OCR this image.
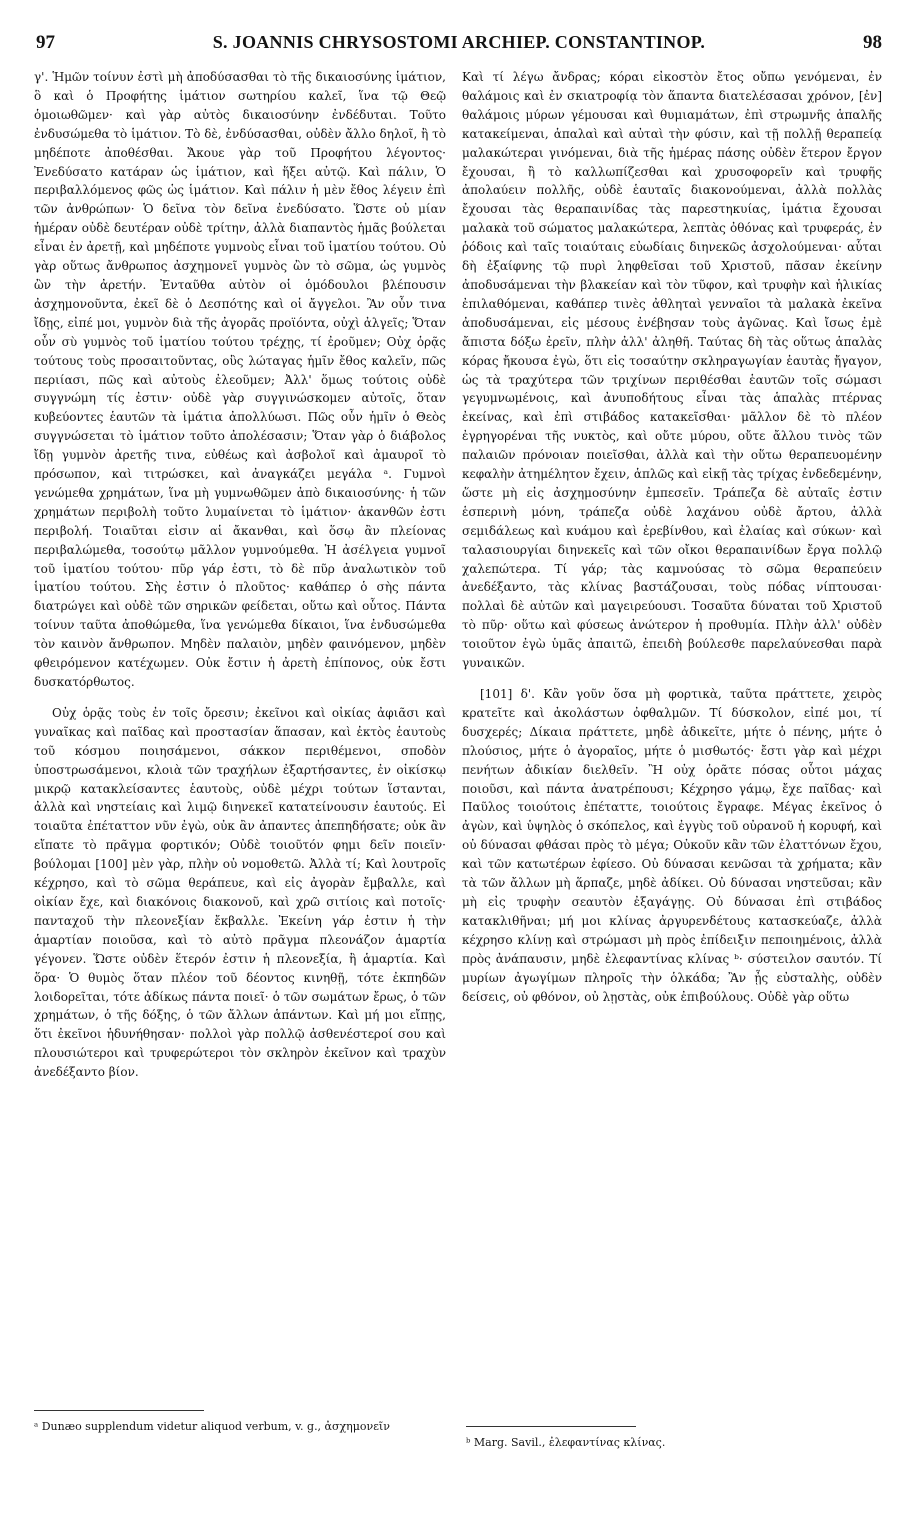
97	S. JOANNIS CHRYSOSTOMI ARCHIEP. CONSTANTINOP.	98

γ'. Ἡμῶν τοίνυν ἐστὶ μὴ ἀποδύσασθαι τὸ τῆς δικαιοσύνης ἱμάτιον, ὃ καὶ ὁ Προφήτης ἱμάτιον σωτηρίου καλεῖ, ἵνα τῷ Θεῷ ὁμοιωθῶμεν· καὶ γὰρ αὐτὸς δικαιοσύνην ἐνδέδυται. Τοῦτο ἐνδυσώμεθα τὸ ἱμάτιον. Τὸ δὲ, ἐνδύσασθαι, οὐδὲν ἄλλο δηλοῖ, ἢ τὸ μηδέποτε ἀποθέσθαι. Ἄκουε γὰρ τοῦ Προφήτου λέγοντος· Ἐνεδύσατο κατάραν ὡς ἱμάτιον, καὶ ἥξει αὐτῷ. Καὶ πάλιν, Ὁ περιβαλλόμενος φῶς ὡς ἱμάτιον. Καὶ πάλιν ἡ μὲν ἔθος λέγειν ἐπὶ τῶν ἀνθρώπων· Ὁ δεῖνα τὸν δεῖνα ἐνεδύσατο. Ὥστε οὐ μίαν ἡμέραν οὐδὲ δευτέραν οὐδὲ τρίτην, ἀλλὰ διαπαντὸς ἡμᾶς βούλεται εἶναι ἐν ἀρετῇ, καὶ μηδέποτε γυμνοὺς εἶναι τοῦ ἱματίου τούτου. Οὐ γὰρ οὕτως ἄνθρωπος ἀσχημονεῖ γυμνὸς ὢν τὸ σῶμα, ὡς γυμνὸς ὢν τὴν ἀρετήν. Ἐνταῦθα αὐτὸν οἱ ὁμόδουλοι βλέπουσιν ἀσχημονοῦντα, ἐκεῖ δὲ ὁ Δεσπότης καὶ οἱ ἄγγελοι. Ἂν οὖν τινα ἴδῃς, εἰπέ μοι, γυμνὸν διὰ τῆς ἀγορᾶς προϊόντα, οὐχὶ ἀλγεῖς; Ὅταν οὖν σὺ γυμνὸς τοῦ ἱματίου τούτου τρέχῃς, τί ἐροῦμεν; Οὐχ ὁρᾷς τούτους τοὺς προσαιτοῦντας, οὓς λώταγας ἡμῖν ἔθος καλεῖν, πῶς περιίασι, πῶς καὶ αὐτοὺς ἐλεοῦμεν; Ἀλλ' ὅμως τούτοις οὐδὲ συγγνώμη τίς ἐστιν· οὐδὲ γὰρ συγγινώσκομεν αὐτοῖς, ὅταν κυβεύοντες ἑαυτῶν τὰ ἱμάτια ἀπολλύωσι. Πῶς οὖν ἡμῖν ὁ Θεὸς συγγνώσεται τὸ ἱμάτιον τοῦτο ἀπολέσασιν; Ὅταν γὰρ ὁ διάβολος ἴδῃ γυμνὸν ἀρετῆς τινα, εὐθέως καὶ ἀσβολοῖ καὶ ἀμαυροῖ τὸ πρόσωπον, καὶ τιτρώσκει, καὶ ἀναγκάζει μεγάλα ᵃ. Γυμνοὶ γενώμεθα χρημάτων, ἵνα μὴ γυμνωθῶμεν ἀπὸ δικαιοσύνης· ἡ τῶν χρημάτων περιβολὴ τοῦτο λυμαίνεται τὸ ἱμάτιον· ἀκανθῶν ἐστι περιβολή. Τοιαῦται εἰσιν αἱ ἄκανθαι, καὶ ὅσῳ ἂν πλείονας περιβαλώμεθα, τοσούτῳ μᾶλλον γυμνούμεθα. Ἡ ἀσέλγεια γυμνοῖ τοῦ ἱματίου τούτου· πῦρ γάρ ἐστι, τὸ δὲ πῦρ ἀναλωτικὸν τοῦ ἱματίου τούτου. Σὴς ἐστιν ὁ πλοῦτος· καθάπερ ὁ σὴς πάντα διατρώγει καὶ οὐδὲ τῶν σηρικῶν φείδεται, οὕτω καὶ οὗτος. Πάντα τοίνυν ταῦτα ἀποθώμεθα, ἵνα γενώμεθα δίκαιοι, ἵνα ἐνδυσώμεθα τὸν καινὸν ἄνθρωπον. Μηδὲν παλαιὸν, μηδὲν φαινόμενον, μηδὲν φθειρόμενον κατέχωμεν. Οὐκ ἔστιν ἡ ἀρετὴ ἐπίπονος, οὐκ ἔστι δυσκατόρθωτος.

Οὐχ ὁρᾷς τοὺς ἐν τοῖς ὄρεσιν; ἐκεῖνοι καὶ οἰκίας ἀφιᾶσι καὶ γυναῖκας καὶ παῖδας καὶ προστασίαν ἅπασαν, καὶ ἐκτὸς ἑαυτοὺς τοῦ κόσμου ποιησάμενοι, σάκκον περιθέμενοι, σποδὸν ὑποστρωσάμενοι, κλοιὰ τῶν τραχήλων ἐξαρτήσαντες, ἐν οἰκίσκῳ μικρῷ κατακλείσαντες ἑαυτοὺς, οὐδὲ μέχρι τούτων ἵστανται, ἀλλὰ καὶ νηστείαις καὶ λιμῷ διηνεκεῖ κατατείνουσιν ἑαυτούς. Εἰ τοιαῦτα ἐπέταττον νῦν ἐγὼ, οὐκ ἂν ἀπαντες ἀπεπηδήσατε; οὐκ ἂν εἴπατε τὸ πρᾶγμα φορτικόν; Οὐδὲ τοιοῦτόν φημι δεῖν ποιεῖν· βούλομαι [100] μὲν γὰρ, πλὴν οὐ νομοθετῶ. Ἀλλὰ τί; Καὶ λουτροῖς κέχρησο, καὶ τὸ σῶμα θεράπευε, καὶ εἰς ἀγορὰν ἔμβαλλε, καὶ οἰκίαν ἔχε, καὶ διακόνοις διακονοῦ, καὶ χρῶ σιτίοις καὶ ποτοῖς· πανταχοῦ τὴν πλεονεξίαν ἔκβαλλε. Ἐκείνη γάρ ἐστιν ἡ τὴν ἁμαρτίαν ποιοῦσα, καὶ τὸ αὐτὸ πρᾶγμα πλεονάζον ἁμαρτία γέγονεν. Ὥστε οὐδὲν ἕτερόν ἐστιν ἡ πλεονεξία, ἢ ἁμαρτία. Καὶ ὅρα· Ὁ θυμὸς ὅταν πλέον τοῦ δέοντος κινηθῇ, τότε ἐκπηδῶν λοιδορεῖται, τότε ἀδίκως πάντα ποιεῖ· ὁ τῶν σωμάτων ἔρως, ὁ τῶν χρημάτων, ὁ τῆς δόξης, ὁ τῶν ἄλλων ἁπάντων. Καὶ μή μοι εἴπῃς, ὅτι ἐκεῖνοι ἡδυνήθησαν· πολλοὶ γὰρ πολλῷ ἀσθενέστεροί σου καὶ πλουσιώτεροι καὶ τρυφερώτεροι τὸν σκληρὸν ἐκεῖνον καὶ τραχὺν ἀνεδέξαντο βίον.

Καὶ τί λέγω ἄνδρας; κόραι εἰκοστὸν ἔτος οὔπω γενόμεναι, ἐν θαλάμοις καὶ ἐν σκιατροφίᾳ τὸν ἅπαντα διατελέσασαι χρόνον, [ἐν] θαλάμοις μύρων γέμουσαι καὶ θυμιαμάτων, ἐπὶ στρωμνῆς ἁπαλῆς κατακείμεναι, ἁπαλαὶ καὶ αὐταὶ τὴν φύσιν, καὶ τῇ πολλῇ θεραπείᾳ μαλακώτεραι γινόμεναι, διὰ τῆς ἡμέρας πάσης οὐδὲν ἕτερον ἔργον ἔχουσαι, ἢ τὸ καλλωπίζεσθαι καὶ χρυσοφορεῖν καὶ τρυφῆς ἀπολαύειν πολλῆς, οὐδὲ ἑαυταῖς διακονούμεναι, ἀλλὰ πολλὰς ἔχουσαι τὰς θεραπαινίδας τὰς παρεστηκυίας, ἱμάτια ἔχουσαι μαλακὰ τοῦ σώματος μαλακώτερα, λεπτὰς ὀθόνας καὶ τρυφεράς, ἐν ῥόδοις καὶ ταῖς τοιαύταις εὐωδίαις διηνεκῶς ἀσχολούμεναι· αὗται δὴ ἐξαίφνης τῷ πυρὶ ληφθεῖσαι τοῦ Χριστοῦ, πᾶσαν ἐκείνην ἀποδυσάμεναι τὴν βλακείαν καὶ τὸν τῦφον, καὶ τρυφὴν καὶ ἡλικίας ἐπιλαθόμεναι, καθάπερ τινὲς ἀθληταὶ γενναῖοι τὰ μαλακὰ ἐκεῖνα ἀποδυσάμεναι, εἰς μέσους ἐνέβησαν τοὺς ἀγῶνας. Καὶ ἴσως ἐμὲ ἄπιστα δόξω ἐρεῖν, πλὴν ἀλλ' ἀληθῆ. Ταύτας δὴ τὰς οὕτως ἁπαλὰς κόρας ἤκουσα ἐγὼ, ὅτι εἰς τοσαύτην σκληραγωγίαν ἑαυτὰς ἤγαγον, ὡς τὰ τραχύτερα τῶν τριχίνων περιθέσθαι ἑαυτῶν τοῖς σώμασι γεγυμνωμένοις, καὶ ἀνυποδήτους εἶναι τὰς ἁπαλὰς πτέρνας ἐκείνας, καὶ ἐπὶ στιβάδος κατακεῖσθαι· μᾶλλον δὲ τὸ πλέον ἐγρηγορέναι τῆς νυκτὸς, καὶ οὔτε μύρου, οὔτε ἄλλου τινὸς τῶν παλαιῶν πρόνοιαν ποιεῖσθαι, ἀλλὰ καὶ τὴν οὕτω θεραπευομένην κεφαλὴν ἀτημέλητον ἔχειν, ἁπλῶς καὶ εἰκῇ τὰς τρίχας ἐνδεδεμένην, ὥστε μὴ εἰς ἀσχημοσύνην ἐμπεσεῖν. Τράπεζα δὲ αὐταῖς ἐστιν ἑσπερινὴ μόνη, τράπεζα οὐδὲ λαχάνου οὐδὲ ἄρτου, ἀλλὰ σεμιδάλεως καὶ κυάμου καὶ ἐρεβίνθου, καὶ ἐλαίας καὶ σύκων· καὶ ταλασιουργίαι διηνεκεῖς καὶ τῶν οἴκοι θεραπαινίδων ἔργα πολλῷ χαλεπώτερα. Τί γάρ; τὰς καμνούσας τὸ σῶμα θεραπεύειν ἀνεδέξαντο, τὰς κλίνας βαστάζουσαι, τοὺς πόδας νίπτουσαι· πολλαὶ δὲ αὐτῶν καὶ μαγειρεύουσι. Τοσαῦτα δύναται τοῦ Χριστοῦ τὸ πῦρ· οὕτω καὶ φύσεως ἀνώτερον ἡ προθυμία. Πλὴν ἀλλ' οὐδὲν τοιοῦτον ἐγὼ ὑμᾶς ἀπαιτῶ, ἐπειδὴ βούλεσθε παρελαύνεσθαι παρὰ γυναικῶν.

[101] δ'. Κἂν γοῦν ὅσα μὴ φορτικὰ, ταῦτα πράττετε, χειρὸς κρατεῖτε καὶ ἀκολάστων ὀφθαλμῶν. Τί δύσκολον, εἰπέ μοι, τί δυσχερές; Δίκαια πράττετε, μηδὲ ἀδικεῖτε, μήτε ὁ πένης, μήτε ὁ πλούσιος, μήτε ὁ ἀγοραῖος, μήτε ὁ μισθωτός· ἔστι γὰρ καὶ μέχρι πενήτων ἀδικίαν διελθεῖν. Ἢ οὐχ ὁρᾶτε πόσας οὗτοι μάχας ποιοῦσι, καὶ πάντα ἀνατρέπουσι; Κέχρησο γάμῳ, ἔχε παῖδας· καὶ Παῦλος τοιούτοις ἐπέταττε, τοιούτοις ἔγραφε. Μέγας ἐκεῖνος ὁ ἀγὼν, καὶ ὑψηλὸς ὁ σκόπελος, καὶ ἐγγὺς τοῦ οὐρανοῦ ἡ κορυφή, καὶ οὐ δύνασαι φθάσαι πρὸς τὸ μέγα; Οὐκοῦν κἂν τῶν ἐλαττόνων ἔχου, καὶ τῶν κατωτέρων ἐφίεσο. Οὐ δύνασαι κενῶσαι τὰ χρήματα; κἂν τὰ τῶν ἄλλων μὴ ἅρπαζε, μηδὲ ἀδίκει. Οὐ δύνασαι νηστεῦσαι; κἂν μὴ εἰς τρυφὴν σεαυτὸν ἐξαγάγῃς. Οὐ δύνασαι ἐπὶ στιβάδος κατακλιθῆναι; μή μοι κλίνας ἀργυρενδέτους κατασκεύαζε, ἀλλὰ κέχρησο κλίνῃ καὶ στρώμασι μὴ πρὸς ἐπίδειξιν πεποιημένοις, ἀλλὰ πρὸς ἀνάπαυσιν, μηδὲ ἐλεφαντίνας κλίνας ᵇ· σύστειλον σαυτόν. Τί μυρίων ἀγωγίμων πληροῖς τὴν ὁλκάδα; Ἂν ᾖς εὐσταλὴς, οὐδὲν δείσεις, οὐ φθόνον, οὐ λῃστὰς, οὐκ ἐπιβούλους. Οὐδὲ γὰρ οὕτω

ᵃ Dunæo supplendum videtur aliquod verbum, v. g., ἀσχημονεῖν
ᵇ Marg. Savil., ἐλεφαντίνας κλίνας.
